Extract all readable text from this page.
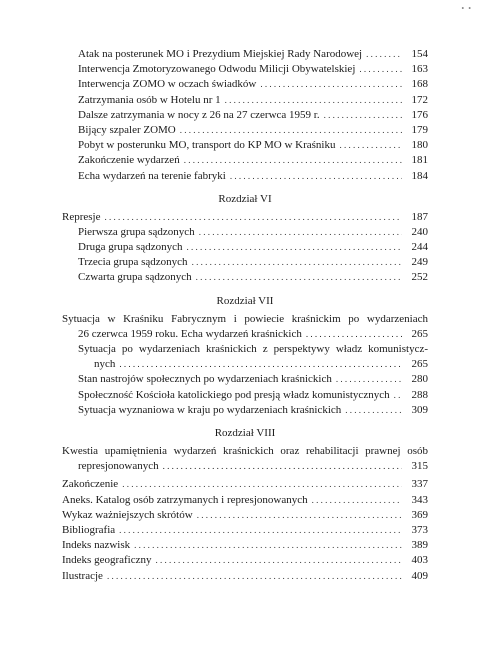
• •
Atak na posterunek MO i Prezydium Miejskiej Rady Narodowej . . .	154
Interwencja Zmotoryzowanego Odwodu Milicji Obywatelskiej . . .	163
Interwencja ZOMO w oczach świadków . . .	168
Zatrzymania osób w Hotelu nr 1 . . .	172
Dalsze zatrzymania w nocy z 26 na 27 czerwca 1959 r. . . .	176
Bijący szpaler ZOMO . . .	179
Pobyt w posterunku MO, transport do KP MO w Kraśniku . . .	180
Zakończenie wydarzeń . . .	181
Echa wydarzeń na terenie fabryki . . .	184
Rozdział VI
Represje . . .	187
Pierwsza grupa sądzonych . . .	240
Druga grupa sądzonych . . .	244
Trzecia grupa sądzonych . . .	249
Czwarta grupa sądzonych . . .	252
Rozdział VII
Sytuacja w Kraśniku Fabrycznym i powiecie kraśnickim po wydarzeniach
26 czerwca 1959 roku. Echa wydarzeń kraśnickich . . .	265
Sytuacja po wydarzeniach kraśnickich z perspektywy władz komunistycz-
nych . . .	265
Stan nastrojów społecznych po wydarzeniach kraśnickich . . .	280
Społeczność Kościoła katolickiego pod presją władz komunistycznych . . .	288
Sytuacja wyznaniowa w kraju po wydarzeniach kraśnickich . . .	309
Rozdział VIII
Kwestia upamiętnienia wydarzeń kraśnickich oraz rehabilitacji prawnej osób
represjonowanych . . .	315
Zakończenie . . .	337
Aneks. Katalog osób zatrzymanych i represjonowanych . . .	343
Wykaz ważniejszych skrótów . . .	369
Bibliografia . . .	373
Indeks nazwisk . . .	389
Indeks geograficzny . . .	403
Ilustracje . . .	409
